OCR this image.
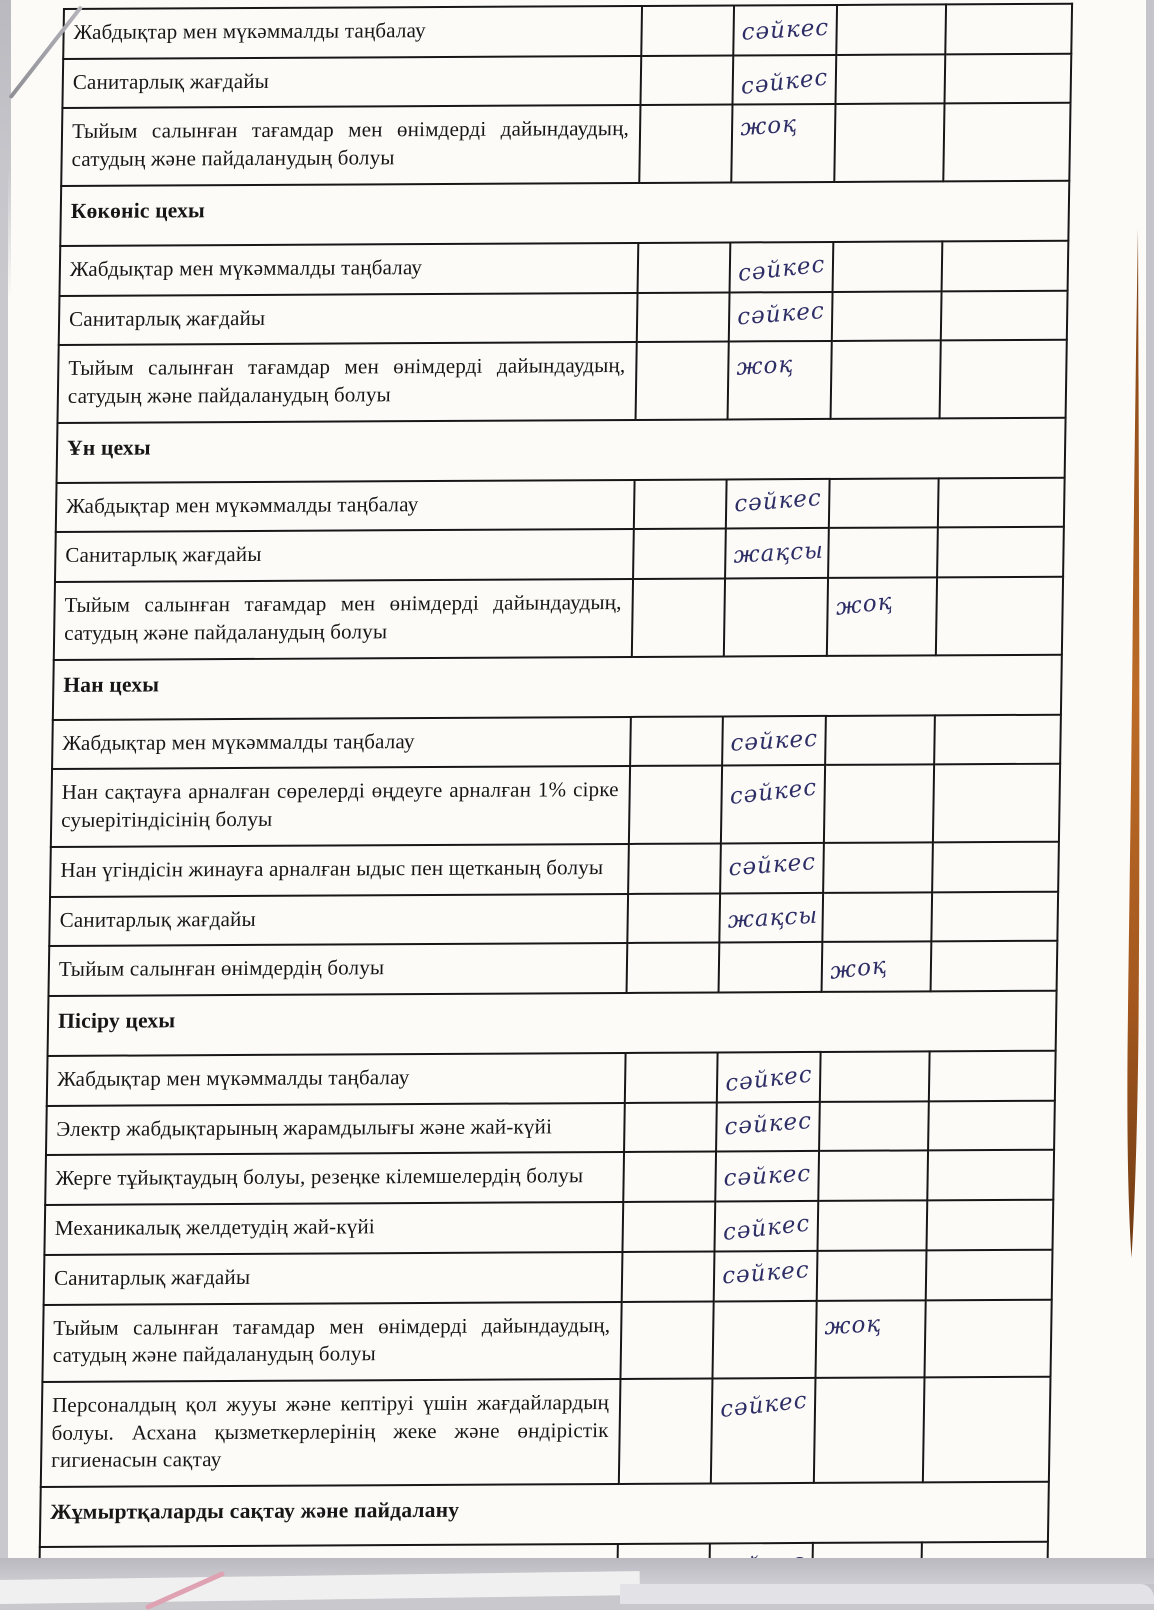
Жабдықтар мен мүкәммалды таңбалау		сәйкес		
Санитарлық жағдайы		сәйкес		
Тыйым салынған тағамдар мен өнімдерді дайындаудың, сатудың және пайдаланудың болуы		жоқ		
Көкөніс цехы				
Жабдықтар мен мүкәммалды таңбалау		сәйкес		
Санитарлық жағдайы		сәйкес		
Тыйым салынған тағамдар мен өнімдерді дайындаудың, сатудың және пайдаланудың болуы		жоқ		
Ұн цехы				
Жабдықтар мен мүкәммалды таңбалау		сәйкес		
Санитарлық жағдайы		жақсы		
Тыйым салынған тағамдар мен өнімдерді дайындаудың, сатудың және пайдаланудың болуы			жоқ	
Нан цехы				
Жабдықтар мен мүкәммалды таңбалау		сәйкес		
Нан сақтауға арналған сөрелерді өңдеуге арналған 1% сірке суыерітіндісінің болуы		сәйкес		
Нан үгіндісін жинауға арналған ыдыс пен щетканың болуы		сәйкес		
Санитарлық жағдайы		жақсы		
Тыйым салынған өнімдердің болуы			жоқ	
Пісіру цехы				
Жабдықтар мен мүкәммалды таңбалау		сәйкес		
Электр жабдықтарының жарамдылығы және жай-күйі		сәйкес		
Жерге тұйықтаудың болуы, резеңке кілемшелердің болуы		сәйкес		
Механикалық желдетудің жай-күйі		сәйкес		
Санитарлық жағдайы		сәйкес		
Тыйым салынған тағамдар мен өнімдерді дайындаудың, сатудың және пайдаланудың болуы			жоқ	
Персоналдың қол жууы және кептіруі үшін жағдайлардың болуы. Асхана қызметкерлерінің жеке және өндірістік гигиенасын сақтау		сәйкес		
Жұмыртқаларды сақтау және пайдалану				
